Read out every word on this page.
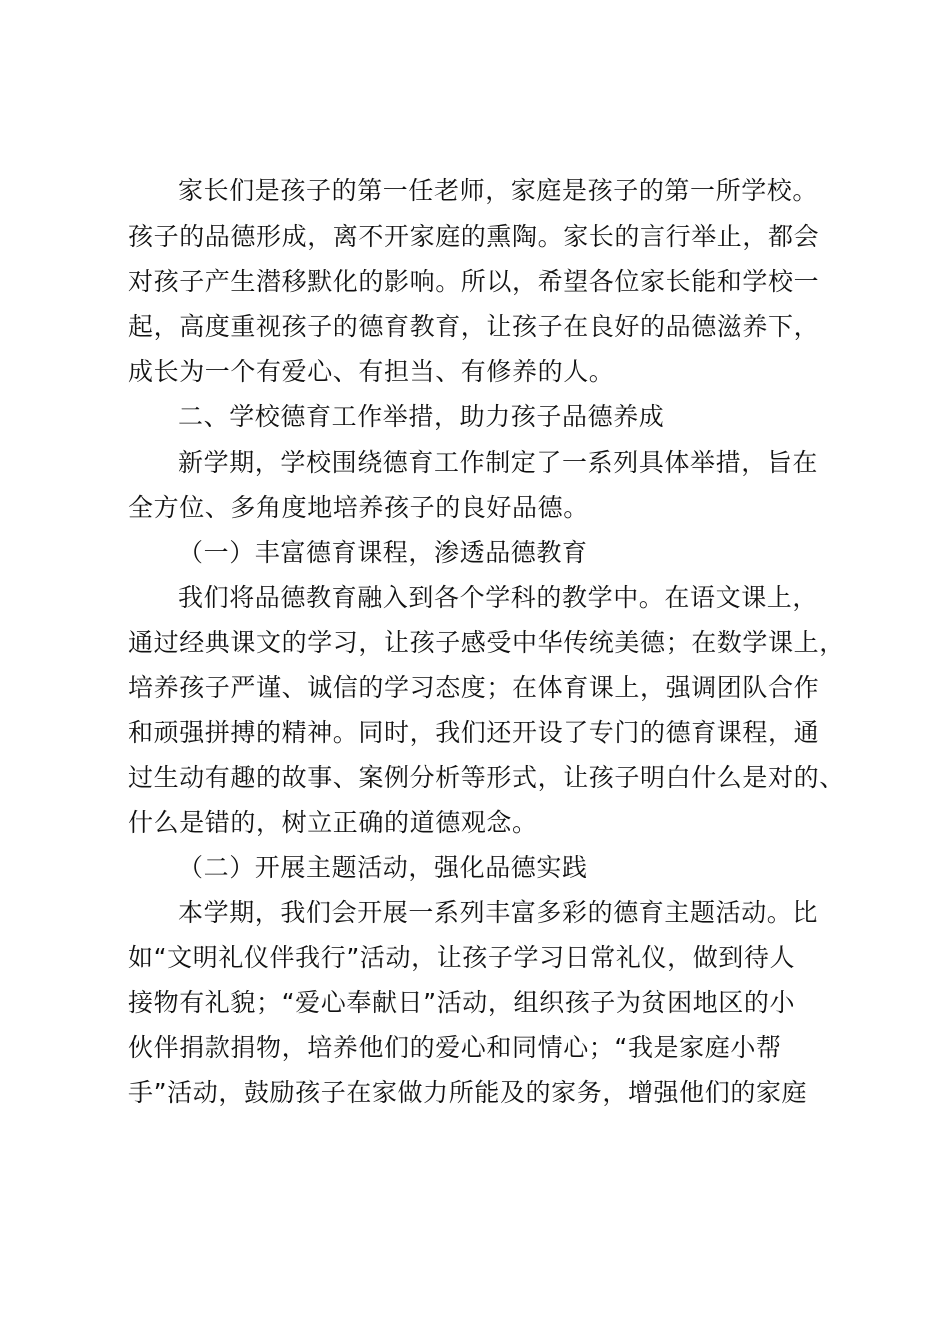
家长们是孩子的第一任老师，家庭是孩子的第一所学校。
孩子的品德形成，离不开家庭的熏陶。家长的言行举止，都会
对孩子产生潜移默化的影响。所以，希望各位家长能和学校一
起，高度重视孩子的德育教育，让孩子在良好的品德滋养下，
成长为一个有爱心、有担当、有修养的人。
二、学校德育工作举措，助力孩子品德养成
新学期，学校围绕德育工作制定了一系列具体举措，旨在
全方位、多角度地培养孩子的良好品德。
（一）丰富德育课程，渗透品德教育
我们将品德教育融入到各个学科的教学中。在语文课上，
通过经典课文的学习，让孩子感受中华传统美德；在数学课上，
培养孩子严谨、诚信的学习态度；在体育课上，强调团队合作
和顽强拼搏的精神。同时，我们还开设了专门的德育课程，通
过生动有趣的故事、案例分析等形式，让孩子明白什么是对的、
什么是错的，树立正确的道德观念。
（二）开展主题活动，强化品德实践
本学期，我们会开展一系列丰富多彩的德育主题活动。比
如“文明礼仪伴我行”活动，让孩子学习日常礼仪，做到待人
接物有礼貌；“爱心奉献日”活动，组织孩子为贫困地区的小
伙伴捐款捐物，培养他们的爱心和同情心；“我是家庭小帮
手”活动，鼓励孩子在家做力所能及的家务，增强他们的家庭
